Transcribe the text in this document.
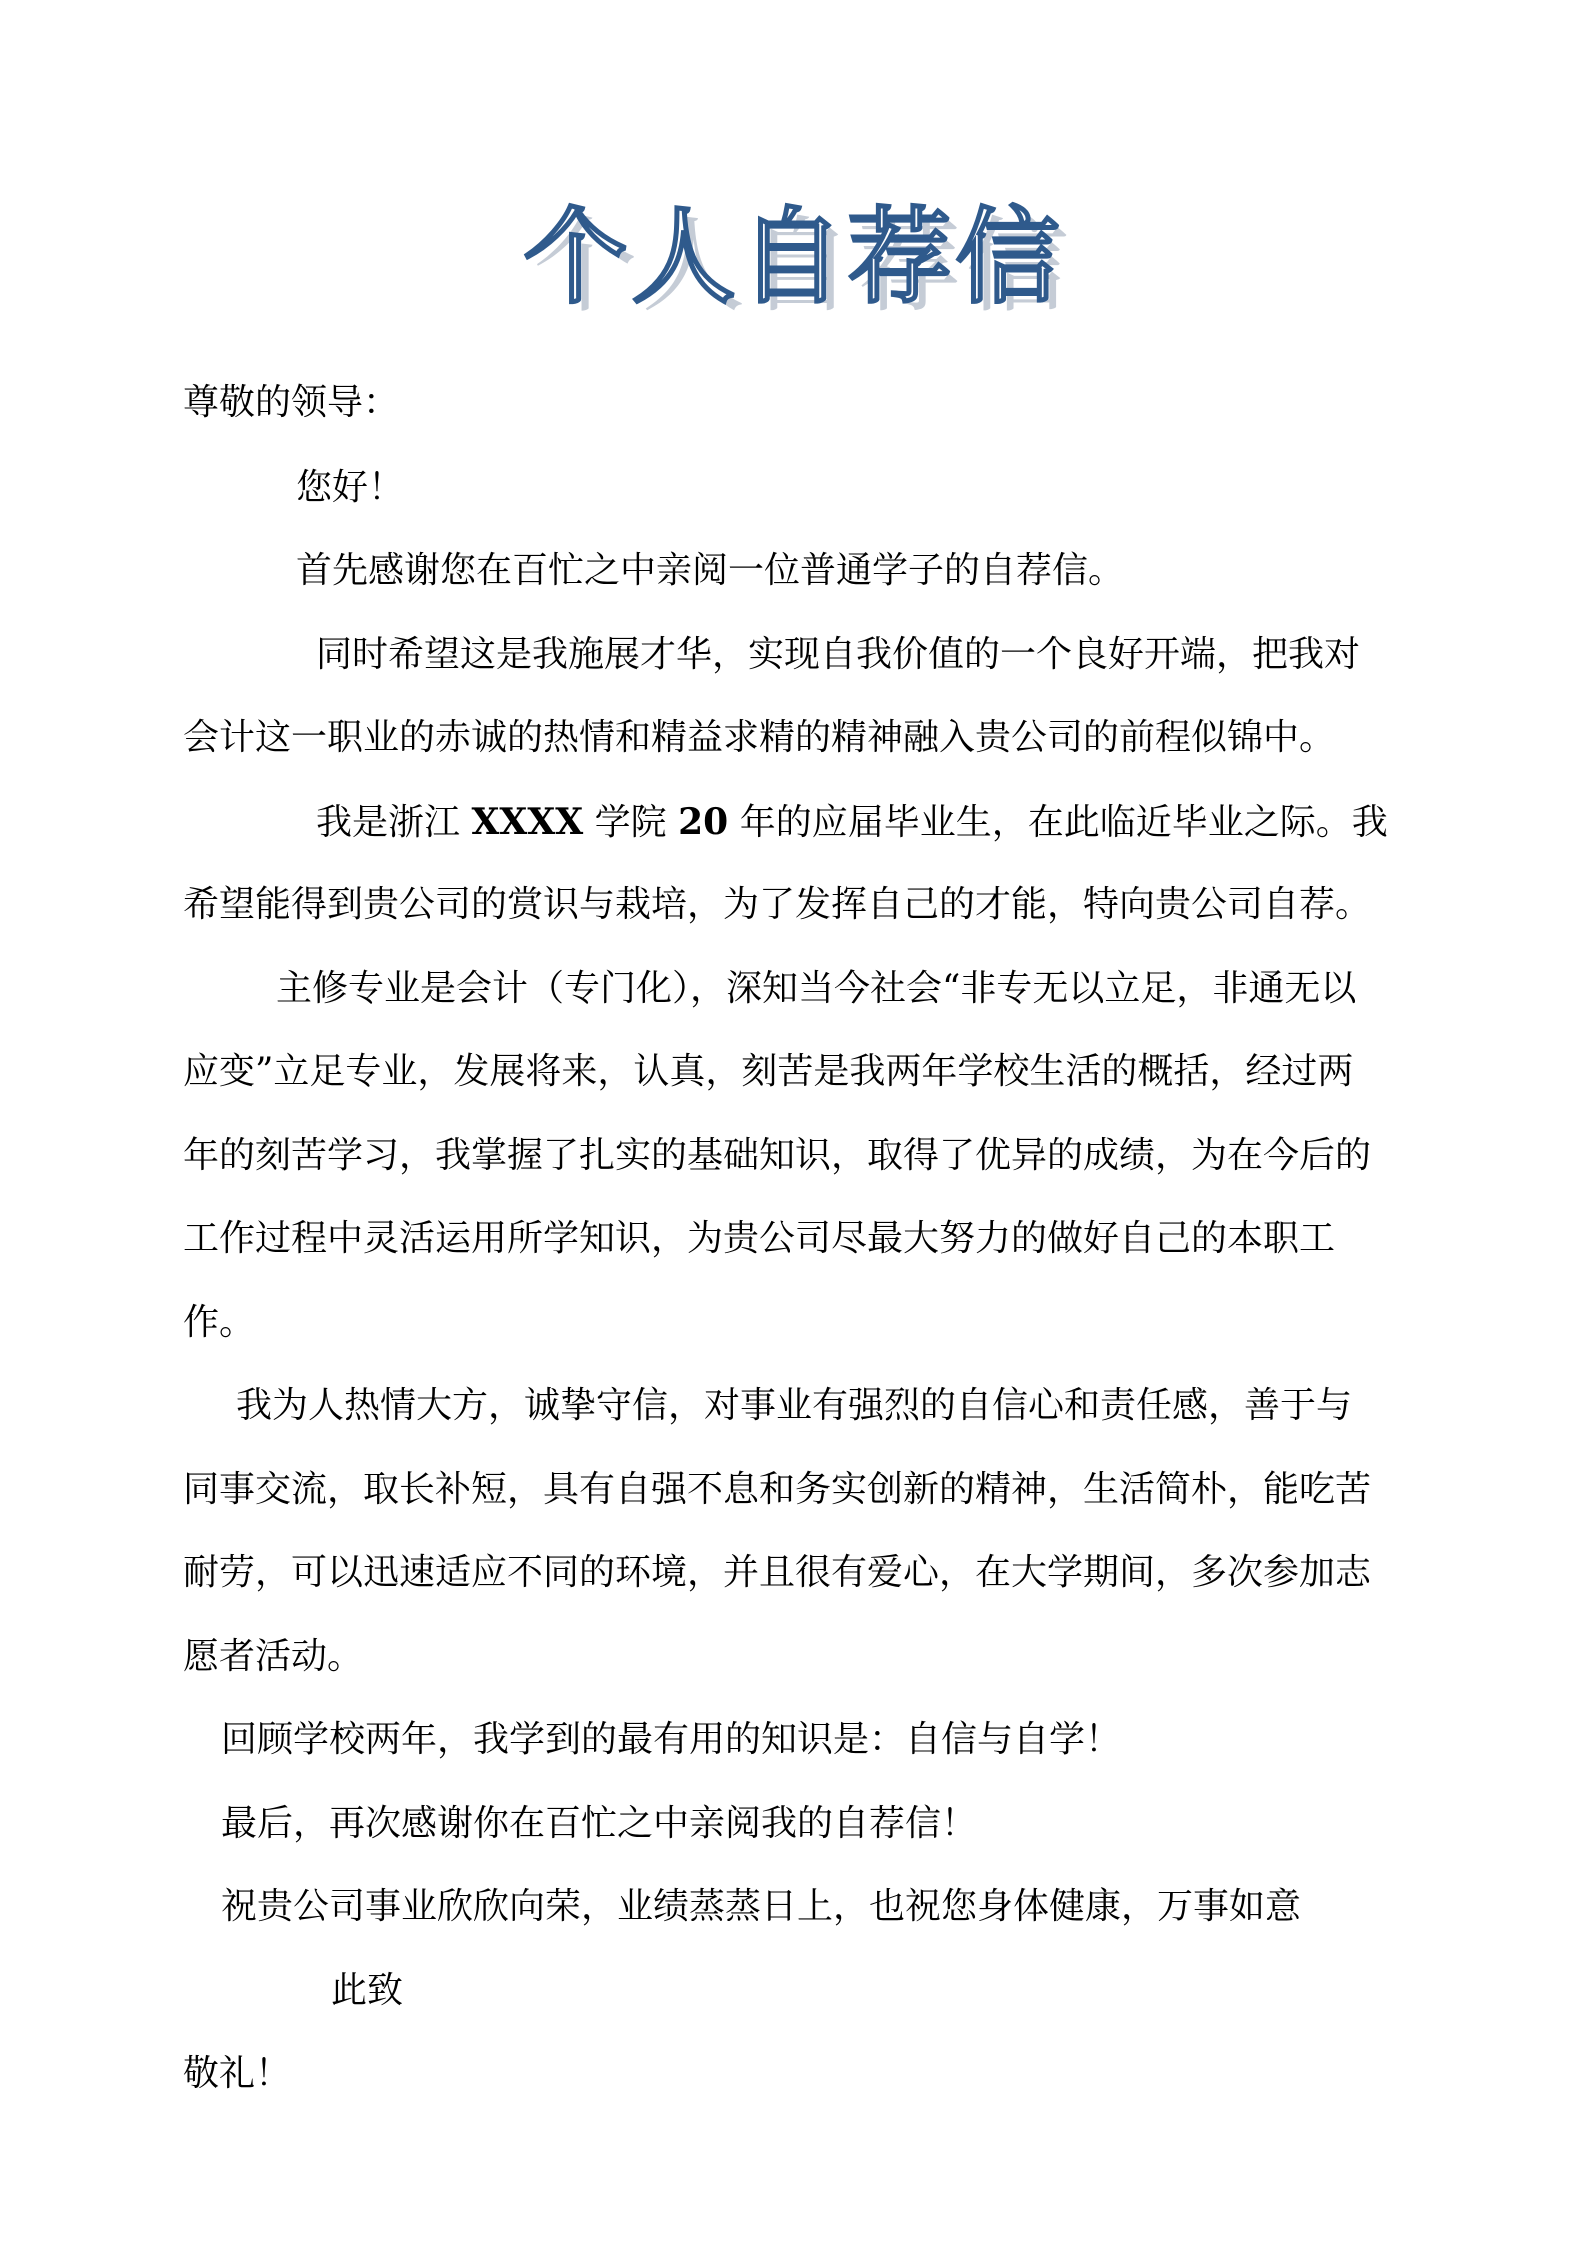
个人自荐信
尊敬的领导：
您好！
首先感谢您在百忙之中亲阅一位普通学子的自荐信。
同时希望这是我施展才华，实现自我价值的一个良好开端，把我对
会计这一职业的赤诚的热情和精益求精的精神融入贵公司的前程似锦中。
我是浙江 XXXX 学院 20 年的应届毕业生，在此临近毕业之际。我
希望能得到贵公司的赏识与栽培，为了发挥自己的才能，特向贵公司自荐。
主修专业是会计（专门化），深知当今社会“非专无以立足，非通无以
应变”立足专业，发展将来，认真，刻苦是我两年学校生活的概括，经过两
年的刻苦学习，我掌握了扎实的基础知识，取得了优异的成绩，为在今后的
工作过程中灵活运用所学知识，为贵公司尽最大努力的做好自己的本职工
作。
我为人热情大方，诚挚守信，对事业有强烈的自信心和责任感，善于与
同事交流，取长补短，具有自强不息和务实创新的精神，生活简朴，能吃苦
耐劳，可以迅速适应不同的环境，并且很有爱心，在大学期间，多次参加志
愿者活动。
回顾学校两年，我学到的最有用的知识是：自信与自学！
最后，再次感谢你在百忙之中亲阅我的自荐信！
祝贵公司事业欣欣向荣，业绩蒸蒸日上，也祝您身体健康，万事如意
此致
敬礼！
